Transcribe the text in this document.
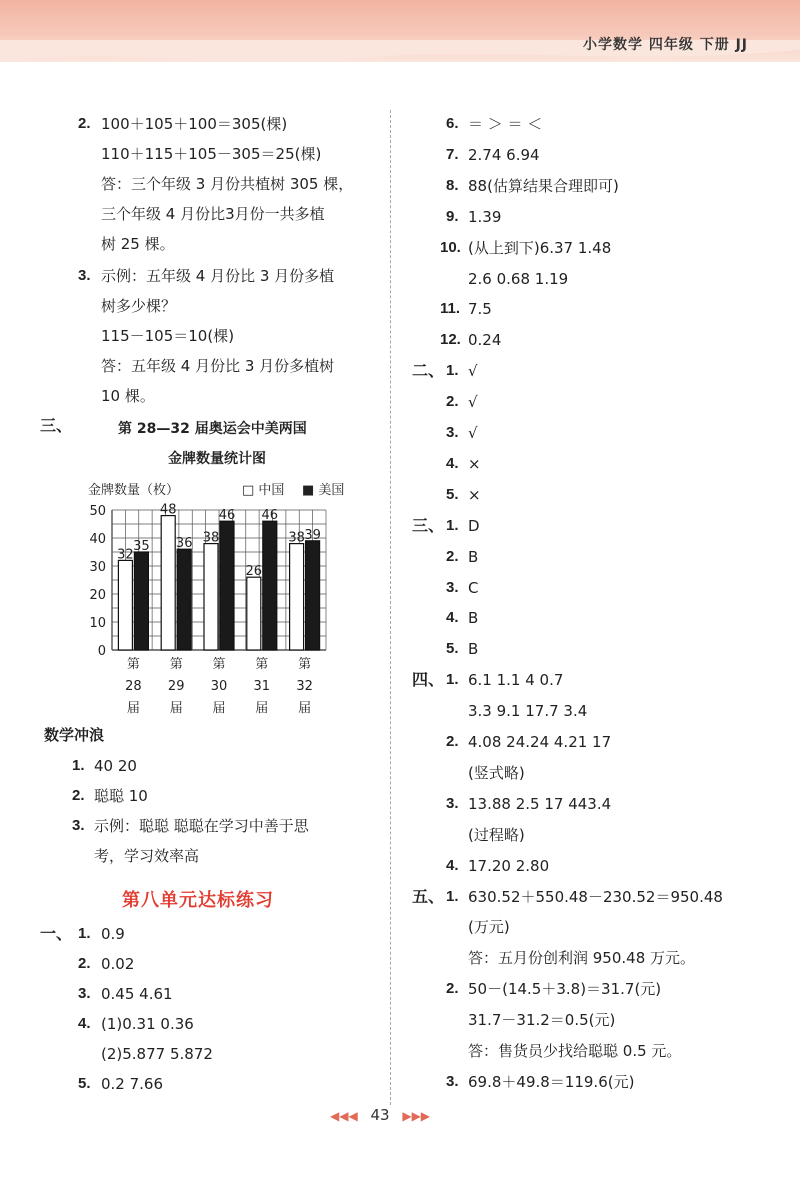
小学数学 四年级 下册 JJ
2. 100＋105＋100＝305(棵)
110＋115＋105－305＝25(棵)
答：三个年级 3 月份共植树 305 棵，
三个年级 4 月份比3月份一共多植
树 25 棵。
3. 示例：五年级 4 月份比 3 月份多植
树多少棵？
115－105＝10(棵)
答：五年级 4 月份比 3 月份多植树
10 棵。
三、	第 28—32 届奥运会中美两国
金牌数量统计图
金牌数量（枚）	□ 中国 ■ 美国
0
10
20
30
40
50
32
35
48
36 38
46
26
46
38 39
第
28
届
第
29
届
第
30
届
第
31
届
第
32
届
数学冲浪
1. 40 20
2. 聪聪 10
3. 示例：聪聪 聪聪在学习中善于思
考，学习效率高
第八单元达标练习
一、 1. 0.9
2. 0.02
3. 0.45 4.61
4. (1)0.31 0.36
(2)5.877 5.872
5. 0.2 7.66
6. ＝ ＞ ＝ ＜
7. 2.74 6.94
8. 88(估算结果合理即可)
9. 1.39
10. (从上到下)6.37 1.48
2.6 0.68 1.19
11. 7.5
12. 0.24
二、 1. √
2. √
3. √
4. ×
5. ×
三、 1. D
2. B
3. C
4. B
5. B
四、 1. 6.1 1.1 4 0.7
3.3 9.1 17.7 3.4
2. 4.08 24.24 4.21 17
(竖式略)
3. 13.88 2.5 17 443.4
(过程略)
4. 17.20 2.80
五、 1. 630.52＋550.48－230.52＝950.48
(万元)
答：五月份创利润 950.48 万元。
2. 50－(14.5＋3.8)＝31.7(元)
31.7－31.2＝0.5(元)
答：售货员少找给聪聪 0.5 元。
3. 69.8＋49.8＝119.6(元)
◀◀◀ 43 ▶▶▶
